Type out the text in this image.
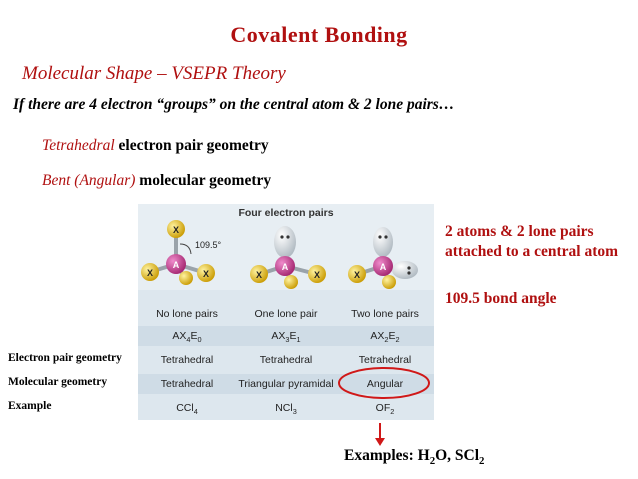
Covalent Bonding
Molecular Shape – VSEPR Theory
If there are 4 electron “groups” on the central atom & 2 lone pairs…
Tetrahedral electron pair geometry
Bent (Angular) molecular geometry
2 atoms & 2 lone pairs attached to a central atom
109.5 bond angle
Electron pair geometry
Molecular geometry
Example
Four electron pairs
X
X	X
A
109.5°
X	X
A
X
A
No lone pairs	One lone pair	Two lone pairs
$AX_4E_0$	$AX_3E_1$	$AX_2E_2$
Tetrahedral	Tetrahedral	Tetrahedral
Tetrahedral	Triangular pyramidal	Angular
CCl$_4$	NCl$_3$	$OF_2$
Examples: $H_2O$, SCl$_2$
